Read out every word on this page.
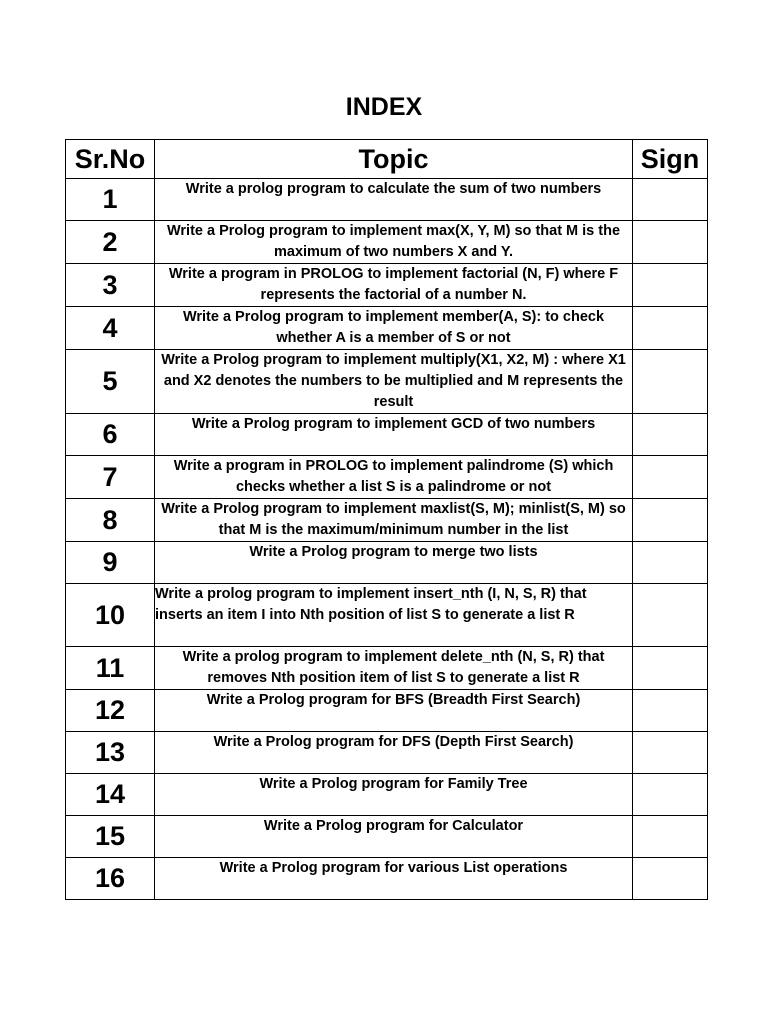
INDEX
Sr.No	Topic	Sign
1	Write a prolog program to calculate the sum of two numbers	
2	Write a Prolog program to implement max(X, Y, M) so that M is the maximum of two numbers X and Y.	
3	Write a program in PROLOG to implement factorial (N, F) where F represents the factorial of a number N.	
4	Write a Prolog program to implement member(A, S): to check whether A is a member of S or not	
5	Write a Prolog program to implement multiply(X1, X2, M) : where X1 and X2 denotes the numbers to be multiplied and M represents the result	
6	Write a Prolog program to implement GCD of two numbers	
7	Write a program in PROLOG to implement palindrome (S) which checks whether a list S is a palindrome or not	
8	Write a Prolog program to implement maxlist(S, M); minlist(S, M) so that M is the maximum/minimum number in the list	
9	Write a Prolog program to merge two lists	
10	Write a prolog program to implement insert_nth (I, N, S, R) that inserts an item I into Nth position of list S to generate a list R	
11	Write a prolog program to implement delete_nth (N, S, R) that removes Nth position item of list S to generate a list R	
12	Write a Prolog program for BFS (Breadth First Search)	
13	Write a Prolog program for DFS (Depth First Search)	
14	Write a Prolog program for Family Tree	
15	Write a Prolog program for Calculator	
16	Write a Prolog program for various List operations	
